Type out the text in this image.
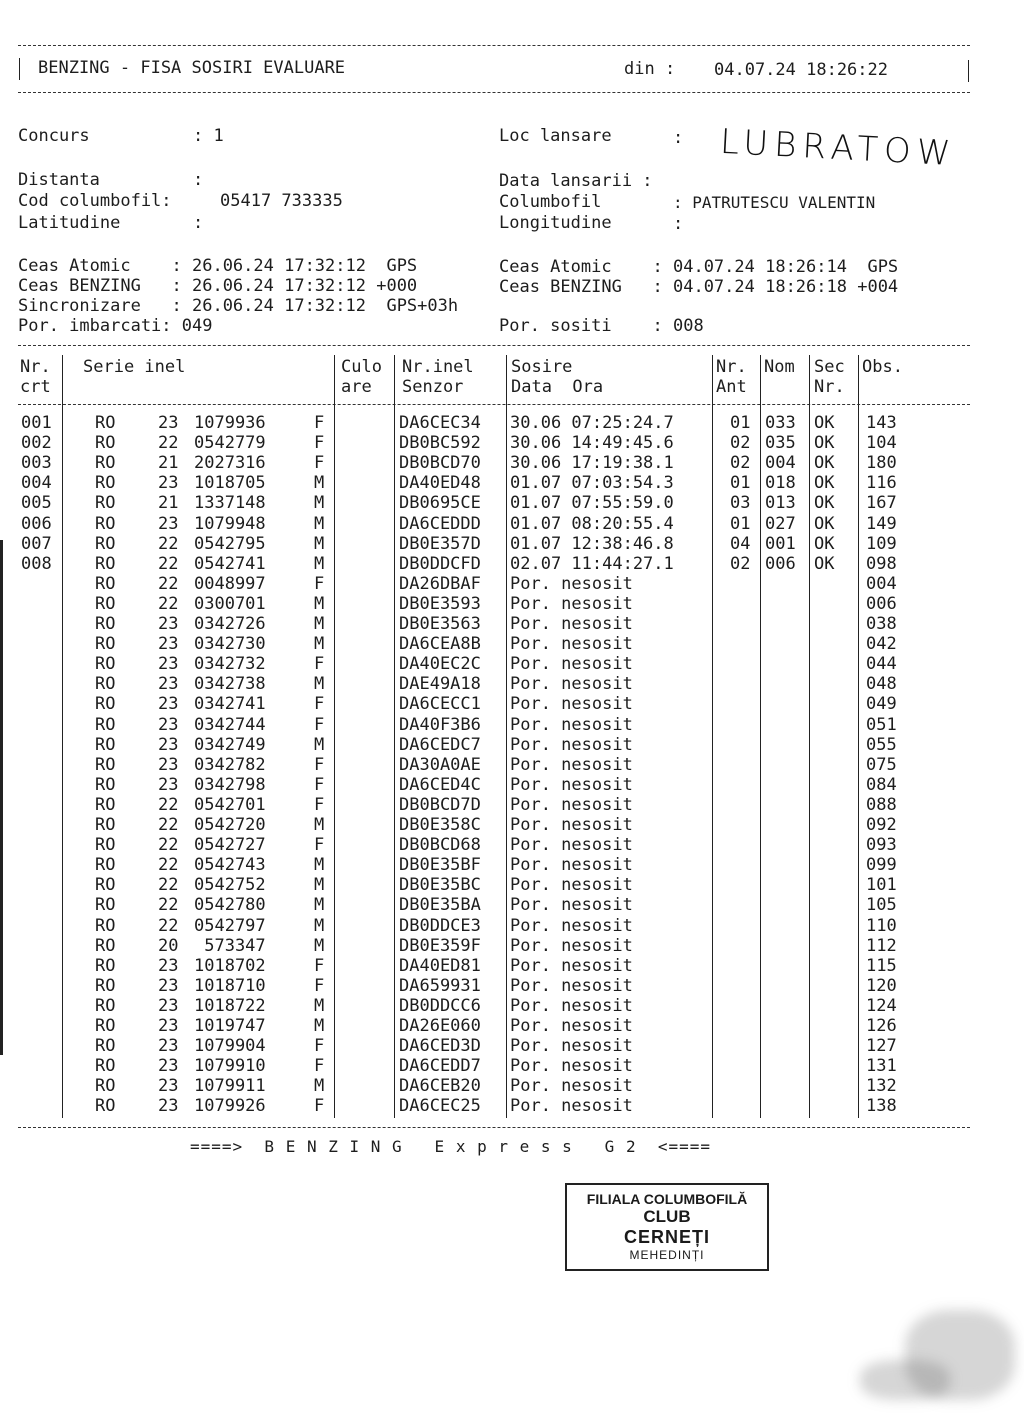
BENZING - FISA SOSIRI EVALUARE	din : 04.07.24 18:26:22
Concurs	: 1	Loc lansare	: LUBRATOW
Distanta	:	Data lansarii :
Cod columbofil:	05417 733335	Columbofil	: PATRUTESCU VALENTIN
Latitudine	:	Longitudine	:
Ceas Atomic    : 26.06.24 17:32:12  GPS
Ceas BENZING   : 26.06.24 17:32:12 +000
Sincronizare   : 26.06.24 17:32:12  GPS+03h
Por. imbarcati: 049
Ceas Atomic    : 04.07.24 18:26:14  GPS
Ceas BENZING   : 04.07.24 18:26:18 +004
Por. sositi    : 008
Nr.
crt
Serie inel	Culo
are
Nr.inel
Senzor
Sosire
Data  Ora
Nr.
Ant
Nom Sec
Nr.
Obs.
001	RO	23 1079936	F	DA6CEC34 30.06 07:25:24.7	01 033 OK 143
002	RO	22 0542779	F	DB0BC592 30.06 14:49:45.6	02 035 OK 104
003	RO	21 2027316	F	DB0BCD70 30.06 17:19:38.1	02 004 OK 180
004	RO	23 1018705	M	DA40ED48 01.07 07:03:54.3	01 018 OK 116
005	RO	21 1337148	M	DB0695CE 01.07 07:55:59.0	03 013 OK 167
006	RO	23 1079948	M	DA6CEDDD 01.07 08:20:55.4	01 027 OK 149
007	RO	22 0542795	M	DB0E357D 01.07 12:38:46.8	04 001 OK 109
008	RO	22 0542741	M	DB0DDCFD 02.07 11:44:27.1	02 006 OK 098
RO	22 0048997	F	DA26DBAF Por. nesosit	004
RO	22 0300701	M	DB0E3593 Por. nesosit	006
RO	23 0342726	M	DB0E3563 Por. nesosit	038
RO	23 0342730	M	DA6CEA8B Por. nesosit	042
RO	23 0342732	F	DA40EC2C Por. nesosit	044
RO	23 0342738	M	DAE49A18 Por. nesosit	048
RO	23 0342741	F	DA6CECC1 Por. nesosit	049
RO	23 0342744	F	DA40F3B6 Por. nesosit	051
RO	23 0342749	M	DA6CEDC7 Por. nesosit	055
RO	23 0342782	F	DA30A0AE Por. nesosit	075
RO	23 0342798	F	DA6CED4C Por. nesosit	084
RO	22 0542701	F	DB0BCD7D Por. nesosit	088
RO	22 0542720	M	DB0E358C Por. nesosit	092
RO	22 0542727	F	DB0BCD68 Por. nesosit	093
RO	22 0542743	M	DB0E35BF Por. nesosit	099
RO	22 0542752	M	DB0E35BC Por. nesosit	101
RO	22 0542780	M	DB0E35BA Por. nesosit	105
RO	22 0542797	M	DB0DDCE3 Por. nesosit	110
RO	20 573347	M	DB0E359F Por. nesosit	112
RO	23 1018702	F	DA40ED81 Por. nesosit	115
RO	23 1018710	F	DA659931 Por. nesosit	120
RO	23 1018722	M	DB0DDCC6 Por. nesosit	124
RO	23 1019747	M	DA26E060 Por. nesosit	126
RO	23 1079904	F	DA6CED3D Por. nesosit	127
RO	23 1079910	F	DA6CEDD7 Por. nesosit	131
RO	23 1079911	M	DA6CEB20 Por. nesosit	132
RO	23 1079926	F	DA6CEC25 Por. nesosit	138
====>  B E N Z I N G   E x p r e s s   G 2  <====
FILIALA COLUMBOFILĂ
CLUB
CERNEȚI
MEHEDINȚI
